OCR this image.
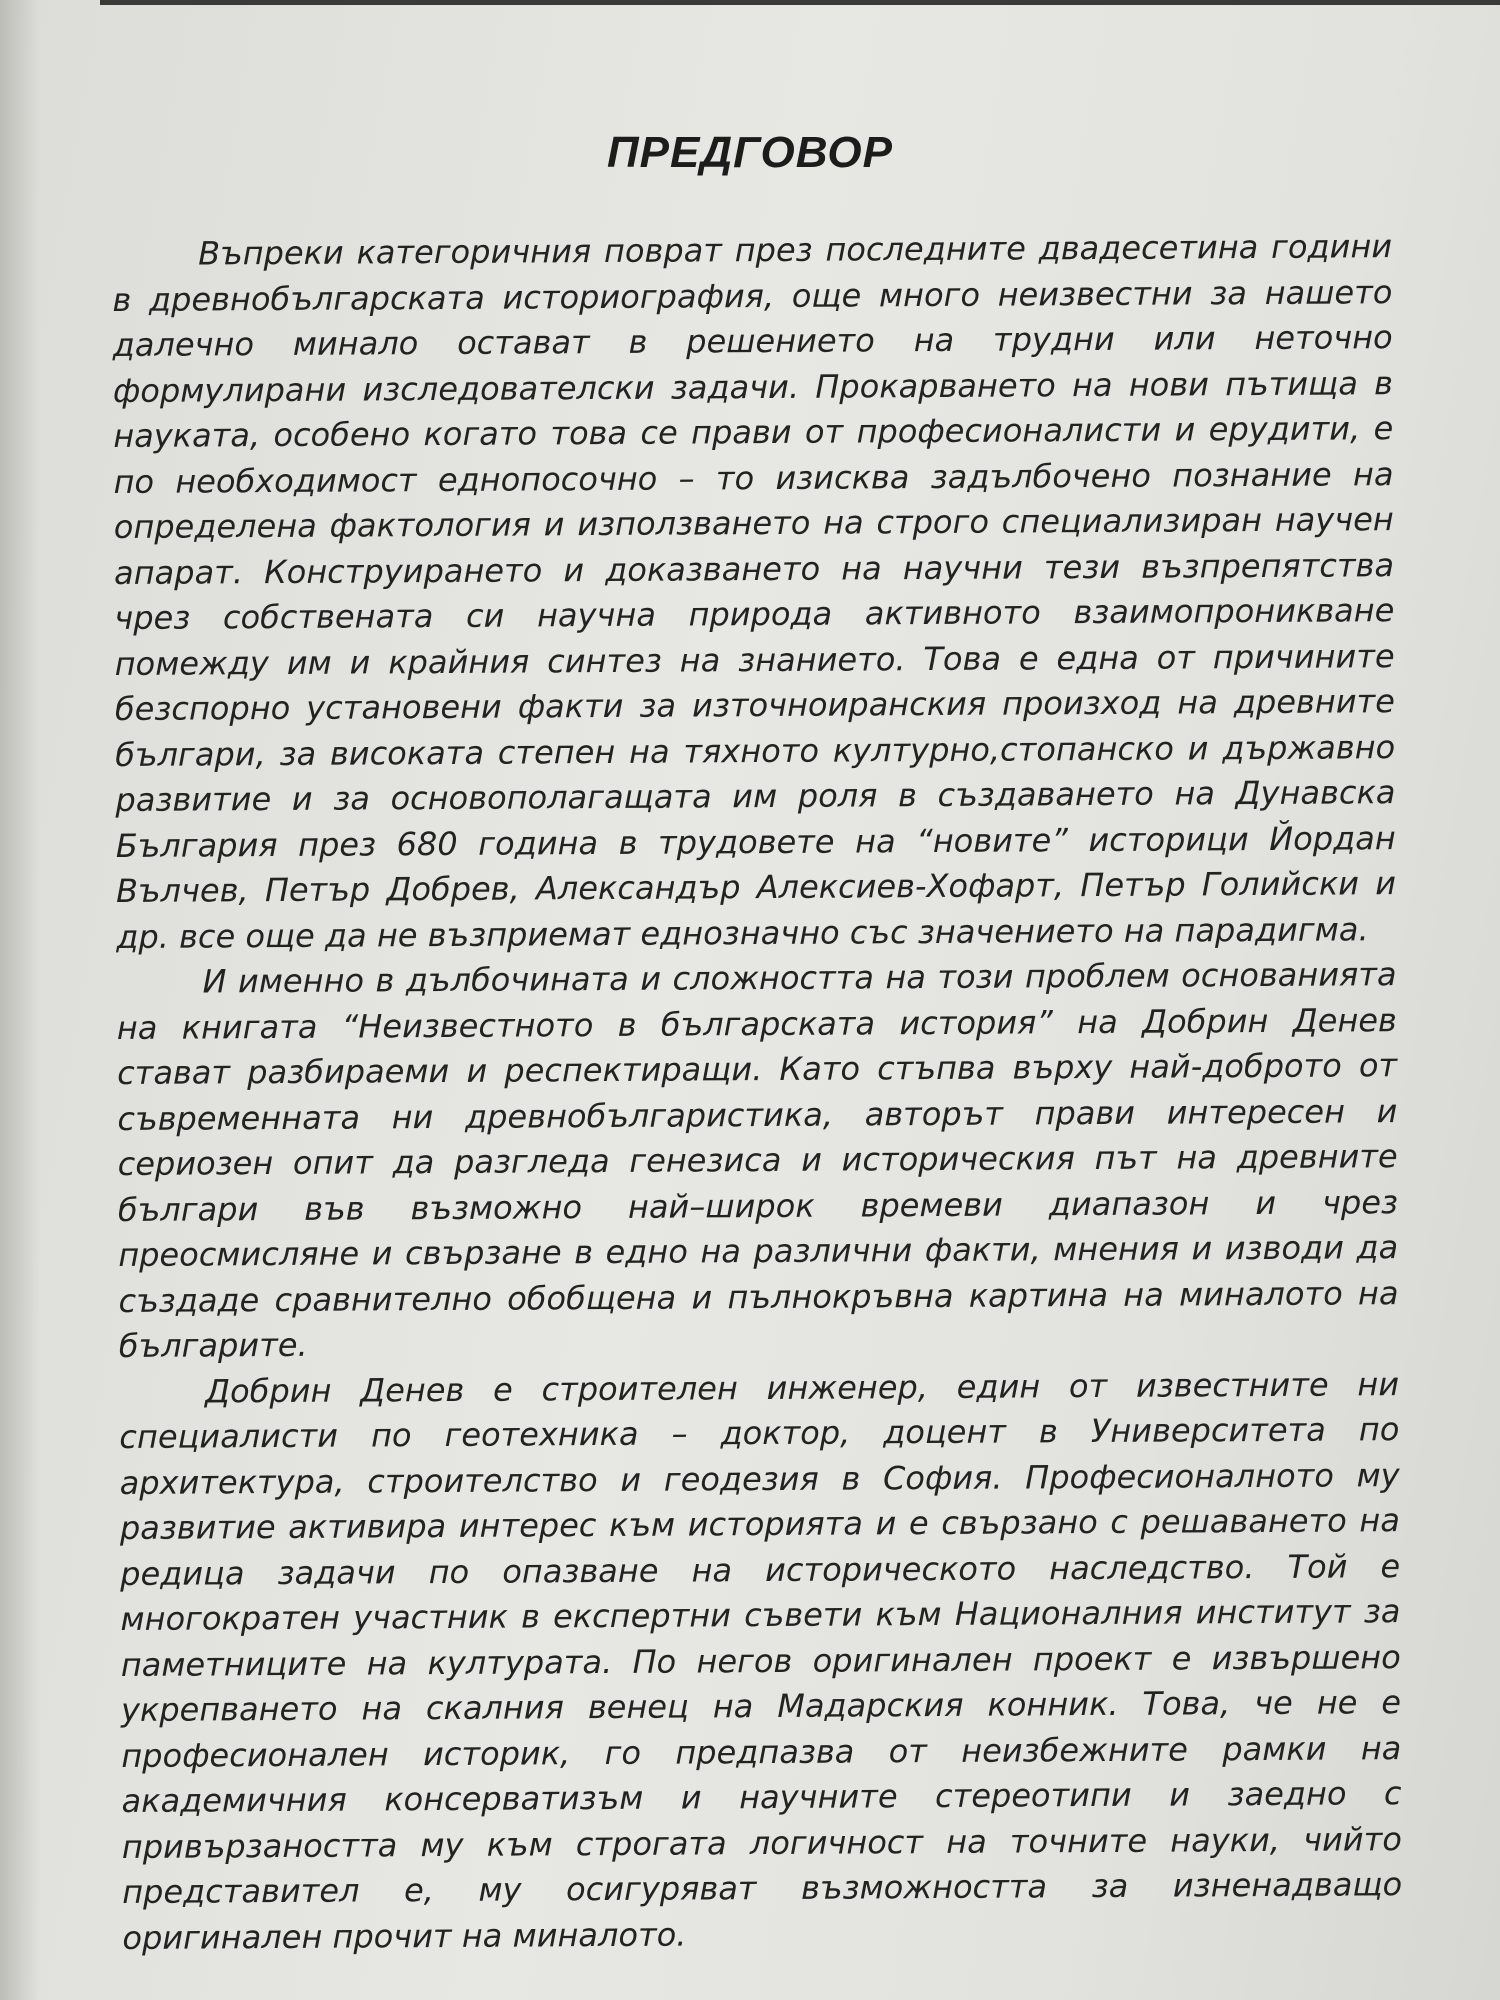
ПРЕДГОВОР

Въпреки категоричния поврат през последните двадесетина години в древнобългарската историография, още много неизвестни за нашето далечно минало остават в решението на трудни или неточно формулирани изследователски задачи. Прокарването на нови пътища в науката, особено когато това се прави от професионалисти и ерудити, е по необходимост еднопосочно – то изисква задълбочено познание на определена фактология и използването на строго специализиран научен апарат. Конструирането и доказването на научни тези възпрепятства чрез собствената си научна природа активното взаимопроникване помежду им и крайния синтез на знанието. Това е една от причините безспорно установени факти за източноиранския произход на древните българи, за високата степен на тяхното културно,стопанско и държавно развитие и за основополагащата им роля в създаването на Дунавска България през 680 година в трудовете на “новите” историци Йордан Вълчев, Петър Добрев, Александър Алексиев-Хофарт, Петър Голийски и др. все още да не възприемат еднозначно със значението на парадигма.

И именно в дълбочината и сложността на този проблем основанията на книгата “Неизвестното в българската история” на Добрин Денев стават разбираеми и респектиращи. Като стъпва върху най-доброто от съвременната ни древнобългаристика, авторът прави интересен и сериозен опит да разгледа генезиса и историческия път на древните българи във възможно най–широк времеви диапазон и чрез преосмисляне и свързане в едно на различни факти, мнения и изводи да създаде сравнително обобщена и пълнокръвна картина на миналото на българите.

Добрин Денев е строителен инженер, един от известните ни специалисти по геотехника – доктор, доцент в Университета по архитектура, строителство и геодезия в София. Професионалното му развитие активира интерес към историята и е свързано с решаването на редица задачи по опазване на историческото наследство. Той е многократен участник в експертни съвети към Националния институт за паметниците на културата. По негов оригинален проект е извършено укрепването на скалния венец на Мадарския конник. Това, че не е професионален историк, го предпазва от неизбежните рамки на академичния консерватизъм и научните стереотипи и заедно с привързаността му към строгата логичност на точните науки, чийто представител е, му осигуряват възможността за изненадващо оригинален прочит на миналото.
